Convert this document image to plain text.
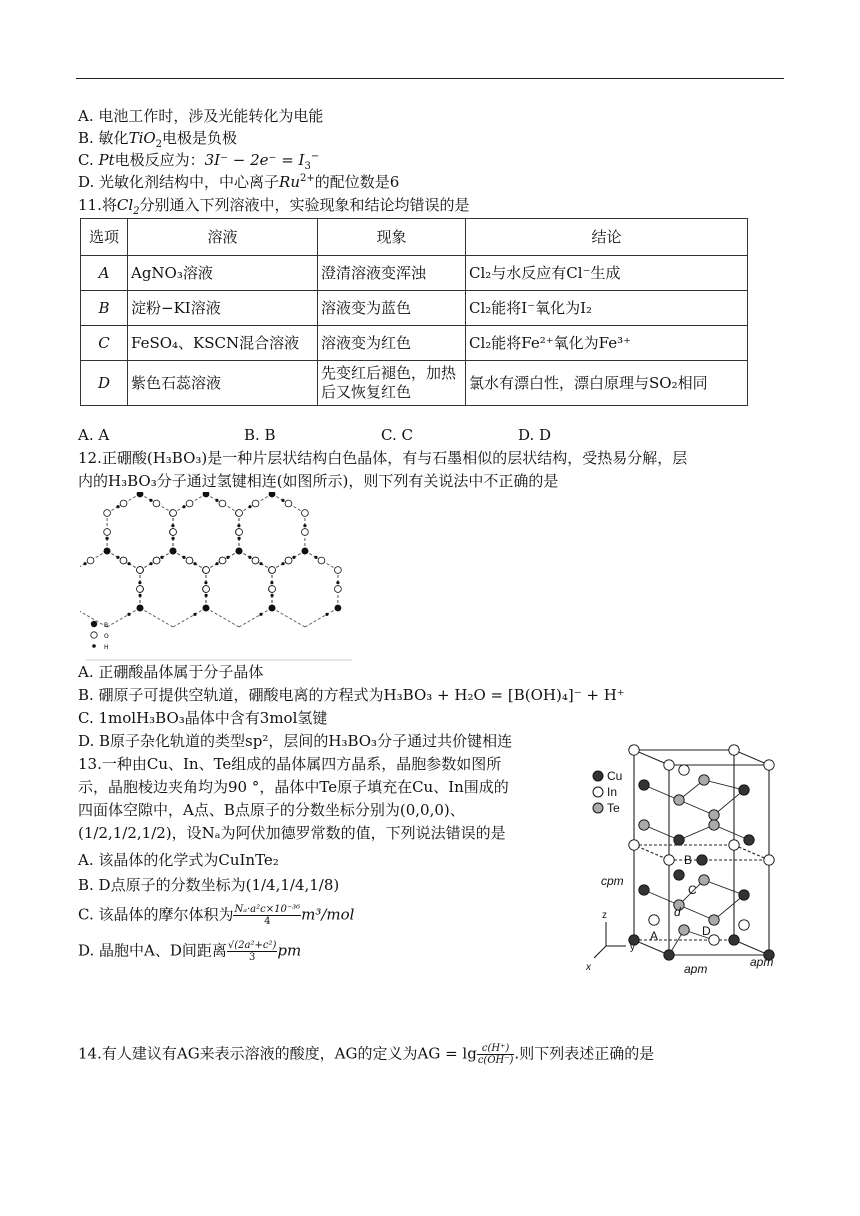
A. 电池工作时，涉及光能转化为电能
B. 敏化TiO$_2$电极是负极
C. Pt电极反应为：$3I^- - 2e^- = I_3^-$
D. 光敏化剂结构中，中心离子$Ru^{2+}$的配位数是6
11.将$Cl_2$分别通入下列溶液中，实验现象和结论均错误的是
选项	溶液	现象	结论
A	AgNO₃溶液	澄清溶液变浑浊	Cl₂与水反应有Cl⁻生成
B	淀粉−KI溶液	溶液变为蓝色	Cl₂能将I⁻氧化为I₂
C	FeSO₄、KSCN混合溶液	溶液变为红色	Cl₂能将Fe²⁺氧化为Fe³⁺
D	紫色石蕊溶液	先变红后褪色，加热后又恢复红色	氯水有漂白性，漂白原理与SO₂相同
A. A	B. B	C. C	D. D
12.正硼酸(H₃BO₃)是一种片层状结构白色晶体，有与石墨相似的层状结构，受热易分解，层
内的H₃BO₃分子通过氢键相连(如图所示)，则下列有关说法中不正确的是
B
O
H
A. 正硼酸晶体属于分子晶体
B. 硼原子可提供空轨道，硼酸电离的方程式为H₃BO₃ + H₂O = [B(OH)₄]⁻ + H⁺
C. 1molH₃BO₃晶体中含有3mol氢键
D. B原子杂化轨道的类型sp²，层间的H₃BO₃分子通过共价键相连
13.一种由Cu、In、Te组成的晶体属四方晶系，晶胞参数如图所
示，晶胞棱边夹角均为90 °，晶体中Te原子填充在Cu、In围成的
四面体空隙中，A点、B点原子的分数坐标分别为(0,0,0)、
(1/2,1/2,1/2)，设Nₐ为阿伏加德罗常数的值，下列说法错误的是
A. 该晶体的化学式为CuInTe₂
B. D点原子的分数坐标为(1/4,1/4,1/8)
C. 该晶体的摩尔体积为 $\frac{\text{Nₐ·a²c×10⁻³⁶}}{4} m^3/mol$
D. 晶胞中A、D间距离 $\frac{\text{√(2a²+c²)}}{3}$ pm
B
C
d
D
A
cpm
apm	apm
z
y
x
Cu
In
Te
14.有人建议有AG来表示溶液的酸度，AG的定义为AG = $\lg \frac{c(H^+)}{c(OH^-)}$ .则下列表述正确的是
